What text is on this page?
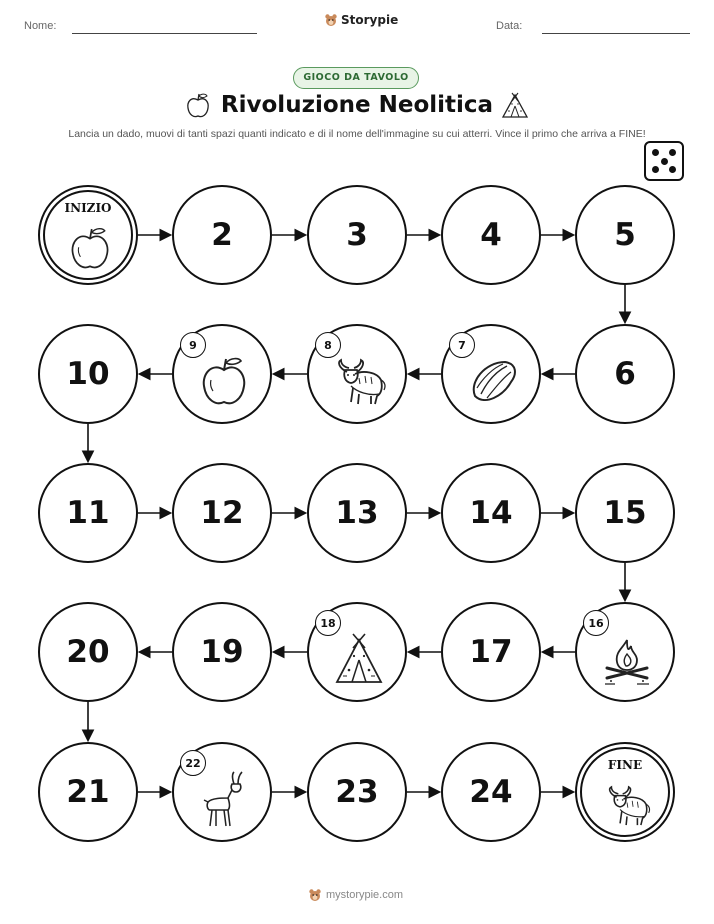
Nome:	Storypie	Data:
GIOCO DA TAVOLO
Rivoluzione Neolitica
Lancia un dado, muovi di tanti spazi quanti indicato e di il nome dell'immagine su cui atterri. Vince il primo che arriva a FINE!
INIZIO
2	3	4	5
6
7
8
9
10
11	12	13	14	15
16
17
18
19
20
21
22
23	24
FINE
mystorypie.com
